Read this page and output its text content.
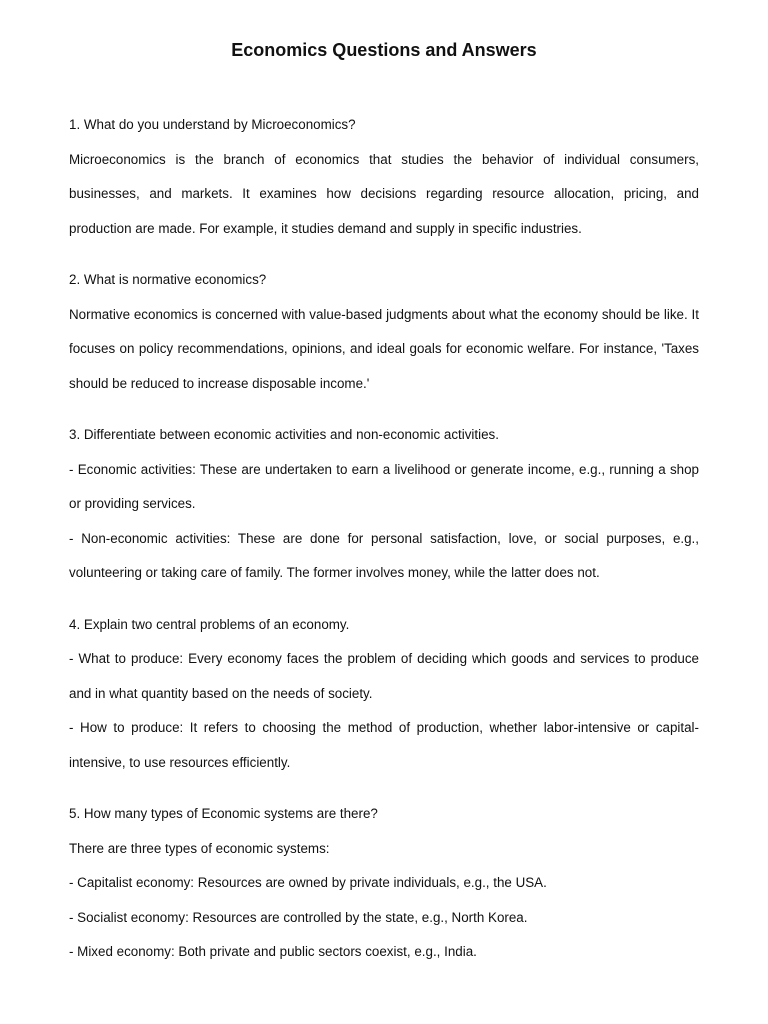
Economics Questions and Answers

1. What do you understand by Microeconomics?

Microeconomics is the branch of economics that studies the behavior of individual consumers, businesses, and markets. It examines how decisions regarding resource allocation, pricing, and production are made. For example, it studies demand and supply in specific industries.

2. What is normative economics?

Normative economics is concerned with value-based judgments about what the economy should be like. It focuses on policy recommendations, opinions, and ideal goals for economic welfare. For instance, 'Taxes should be reduced to increase disposable income.'

3. Differentiate between economic activities and non-economic activities.

- Economic activities: These are undertaken to earn a livelihood or generate income, e.g., running a shop or providing services.

- Non-economic activities: These are done for personal satisfaction, love, or social purposes, e.g., volunteering or taking care of family. The former involves money, while the latter does not.

4. Explain two central problems of an economy.

- What to produce: Every economy faces the problem of deciding which goods and services to produce and in what quantity based on the needs of society.

- How to produce: It refers to choosing the method of production, whether labor-intensive or capital-intensive, to use resources efficiently.

5. How many types of Economic systems are there?

There are three types of economic systems:

- Capitalist economy: Resources are owned by private individuals, e.g., the USA.

- Socialist economy: Resources are controlled by the state, e.g., North Korea.

- Mixed economy: Both private and public sectors coexist, e.g., India.
